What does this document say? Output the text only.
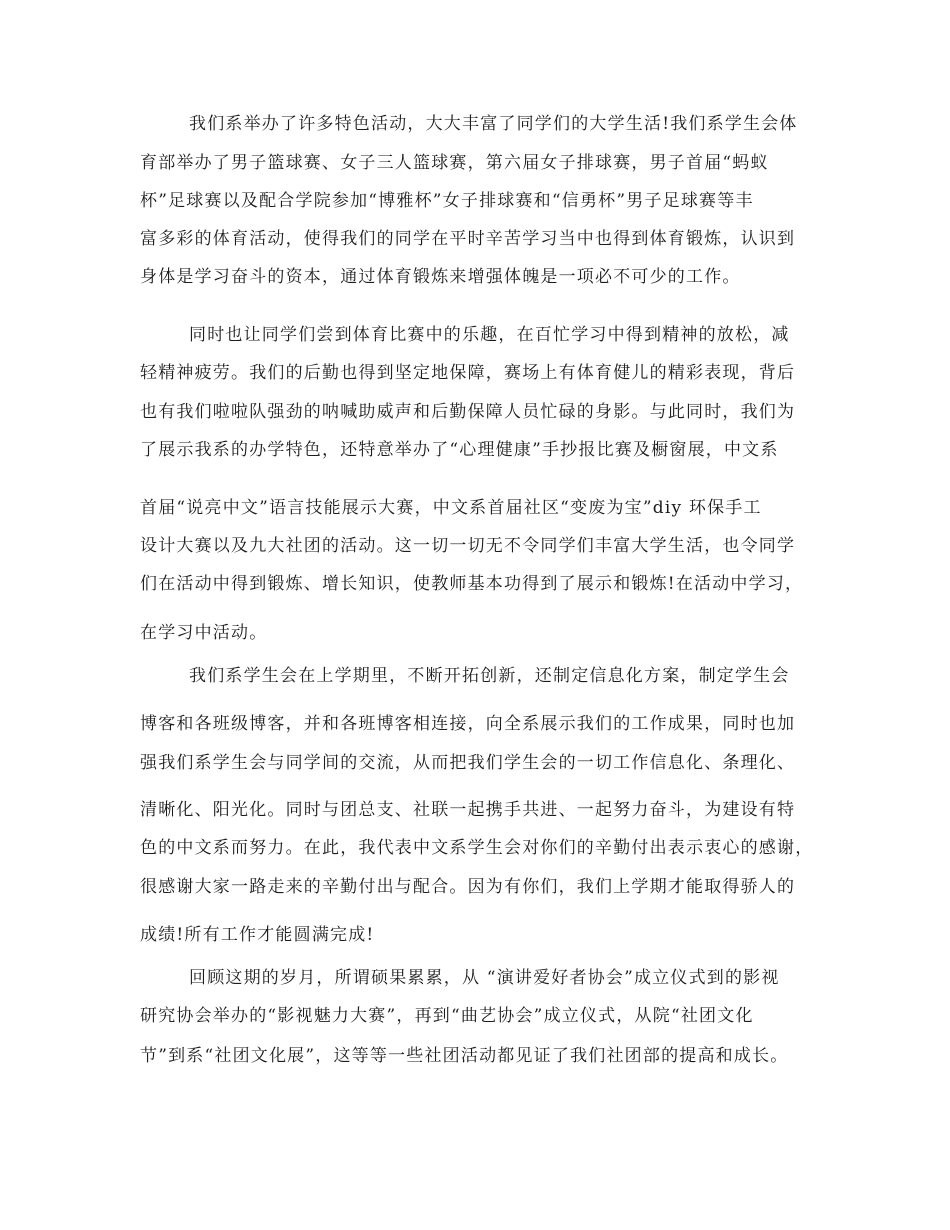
我们系举办了许多特色活动，大大丰富了同学们的大学生活!我们系学生会体
育部举办了男子篮球赛、女子三人篮球赛，第六届女子排球赛，男子首届“蚂蚁
杯”足球赛以及配合学院参加“博雅杯”女子排球赛和“信勇杯”男子足球赛等丰
富多彩的体育活动，使得我们的同学在平时辛苦学习当中也得到体育锻炼，认识到
身体是学习奋斗的资本，通过体育锻炼来增强体魄是一项必不可少的工作。
同时也让同学们尝到体育比赛中的乐趣，在百忙学习中得到精神的放松，减
轻精神疲劳。我们的后勤也得到坚定地保障，赛场上有体育健儿的精彩表现，背后
也有我们啦啦队强劲的呐喊助威声和后勤保障人员忙碌的身影。与此同时，我们为
了展示我系的办学特色，还特意举办了“心理健康”手抄报比赛及橱窗展，中文系
首届“说亮中文”语言技能展示大赛，中文系首届社区“变废为宝”diy 环保手工
设计大赛以及九大社团的活动。这一切一切无不令同学们丰富大学生活，也令同学
们在活动中得到锻炼、增长知识，使教师基本功得到了展示和锻炼!在活动中学习，
在学习中活动。
我们系学生会在上学期里，不断开拓创新，还制定信息化方案，制定学生会
博客和各班级博客，并和各班博客相连接，向全系展示我们的工作成果，同时也加
强我们系学生会与同学间的交流，从而把我们学生会的一切工作信息化、条理化、
清晰化、阳光化。同时与团总支、社联一起携手共进、一起努力奋斗，为建设有特
色的中文系而努力。在此，我代表中文系学生会对你们的辛勤付出表示衷心的感谢，
很感谢大家一路走来的辛勤付出与配合。因为有你们，我们上学期才能取得骄人的
成绩!所有工作才能圆满完成!
回顾这期的岁月，所谓硕果累累，从 “演讲爱好者协会”成立仪式到的影视
研究协会举办的“影视魅力大赛”，再到“曲艺协会”成立仪式，从院“社团文化
节”到系“社团文化展”，这等等一些社团活动都见证了我们社团部的提高和成长。
